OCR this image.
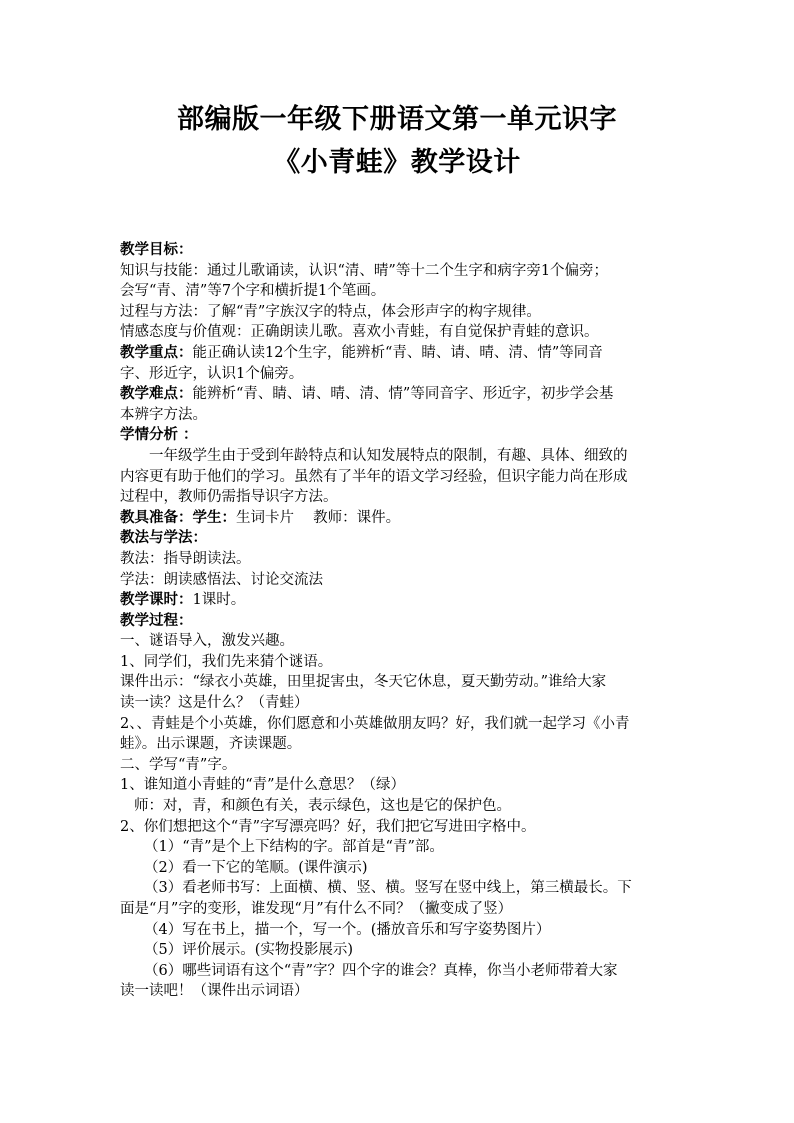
部编版一年级下册语文第一单元识字
《小青蛙》教学设计
教学目标：
知识与技能：通过儿歌诵读，认识“清、晴”等十二个生字和病字旁1个偏旁；
会写“青、清”等7个字和横折提1个笔画。
过程与方法：了解“青”字族汉字的特点，体会形声字的构字规律。
情感态度与价值观：正确朗读儿歌。喜欢小青蛙，有自觉保护青蛙的意识。
教学重点：能正确认读12个生字，能辨析“青、睛、请、晴、清、情”等同音
字、形近字，认识1个偏旁。
教学难点：能辨析“青、睛、请、晴、清、情”等同音字、形近字，初步学会基
本辨字方法。
学情分析 ：
一年级学生由于受到年龄特点和认知发展特点的限制，有趣、具体、细致的
内容更有助于他们的学习。虽然有了半年的语文学习经验，但识字能力尚在形成
过程中，教师仍需指导识字方法。
教具准备：学生：生词卡片　 教师：课件。
教法与学法：
教法：指导朗读法。
学法：朗读感悟法、讨论交流法
教学课时：1课时。
教学过程：
一、谜语导入，激发兴趣。
1、同学们，我们先来猜个谜语。
课件出示：“绿衣小英雄，田里捉害虫，冬天它休息，夏天勤劳动。”谁给大家
读一读？这是什么？（青蛙）
2、、青蛙是个小英雄，你们愿意和小英雄做朋友吗？好，我们就一起学习《小青
蛙》。出示课题，齐读课题。
二、学写“青”字。
1、谁知道小青蛙的“青”是什么意思？（绿）
师：对，青，和颜色有关，表示绿色，这也是它的保护色。
2、你们想把这个“青”字写漂亮吗？好，我们把它写进田字格中。
（1）“青”是个上下结构的字。部首是“青”部。
（2）看一下它的笔顺。(课件演示)
（3）看老师书写：上面横、横、竖、横。竖写在竖中线上，第三横最长。下
面是“月”字的变形，谁发现“月”有什么不同？（撇变成了竖）
（4）写在书上，描一个，写一个。(播放音乐和写字姿势图片）
（5）评价展示。(实物投影展示)
（6）哪些词语有这个“青”字？四个字的谁会？真棒，你当小老师带着大家
读一读吧！（课件出示词语）
